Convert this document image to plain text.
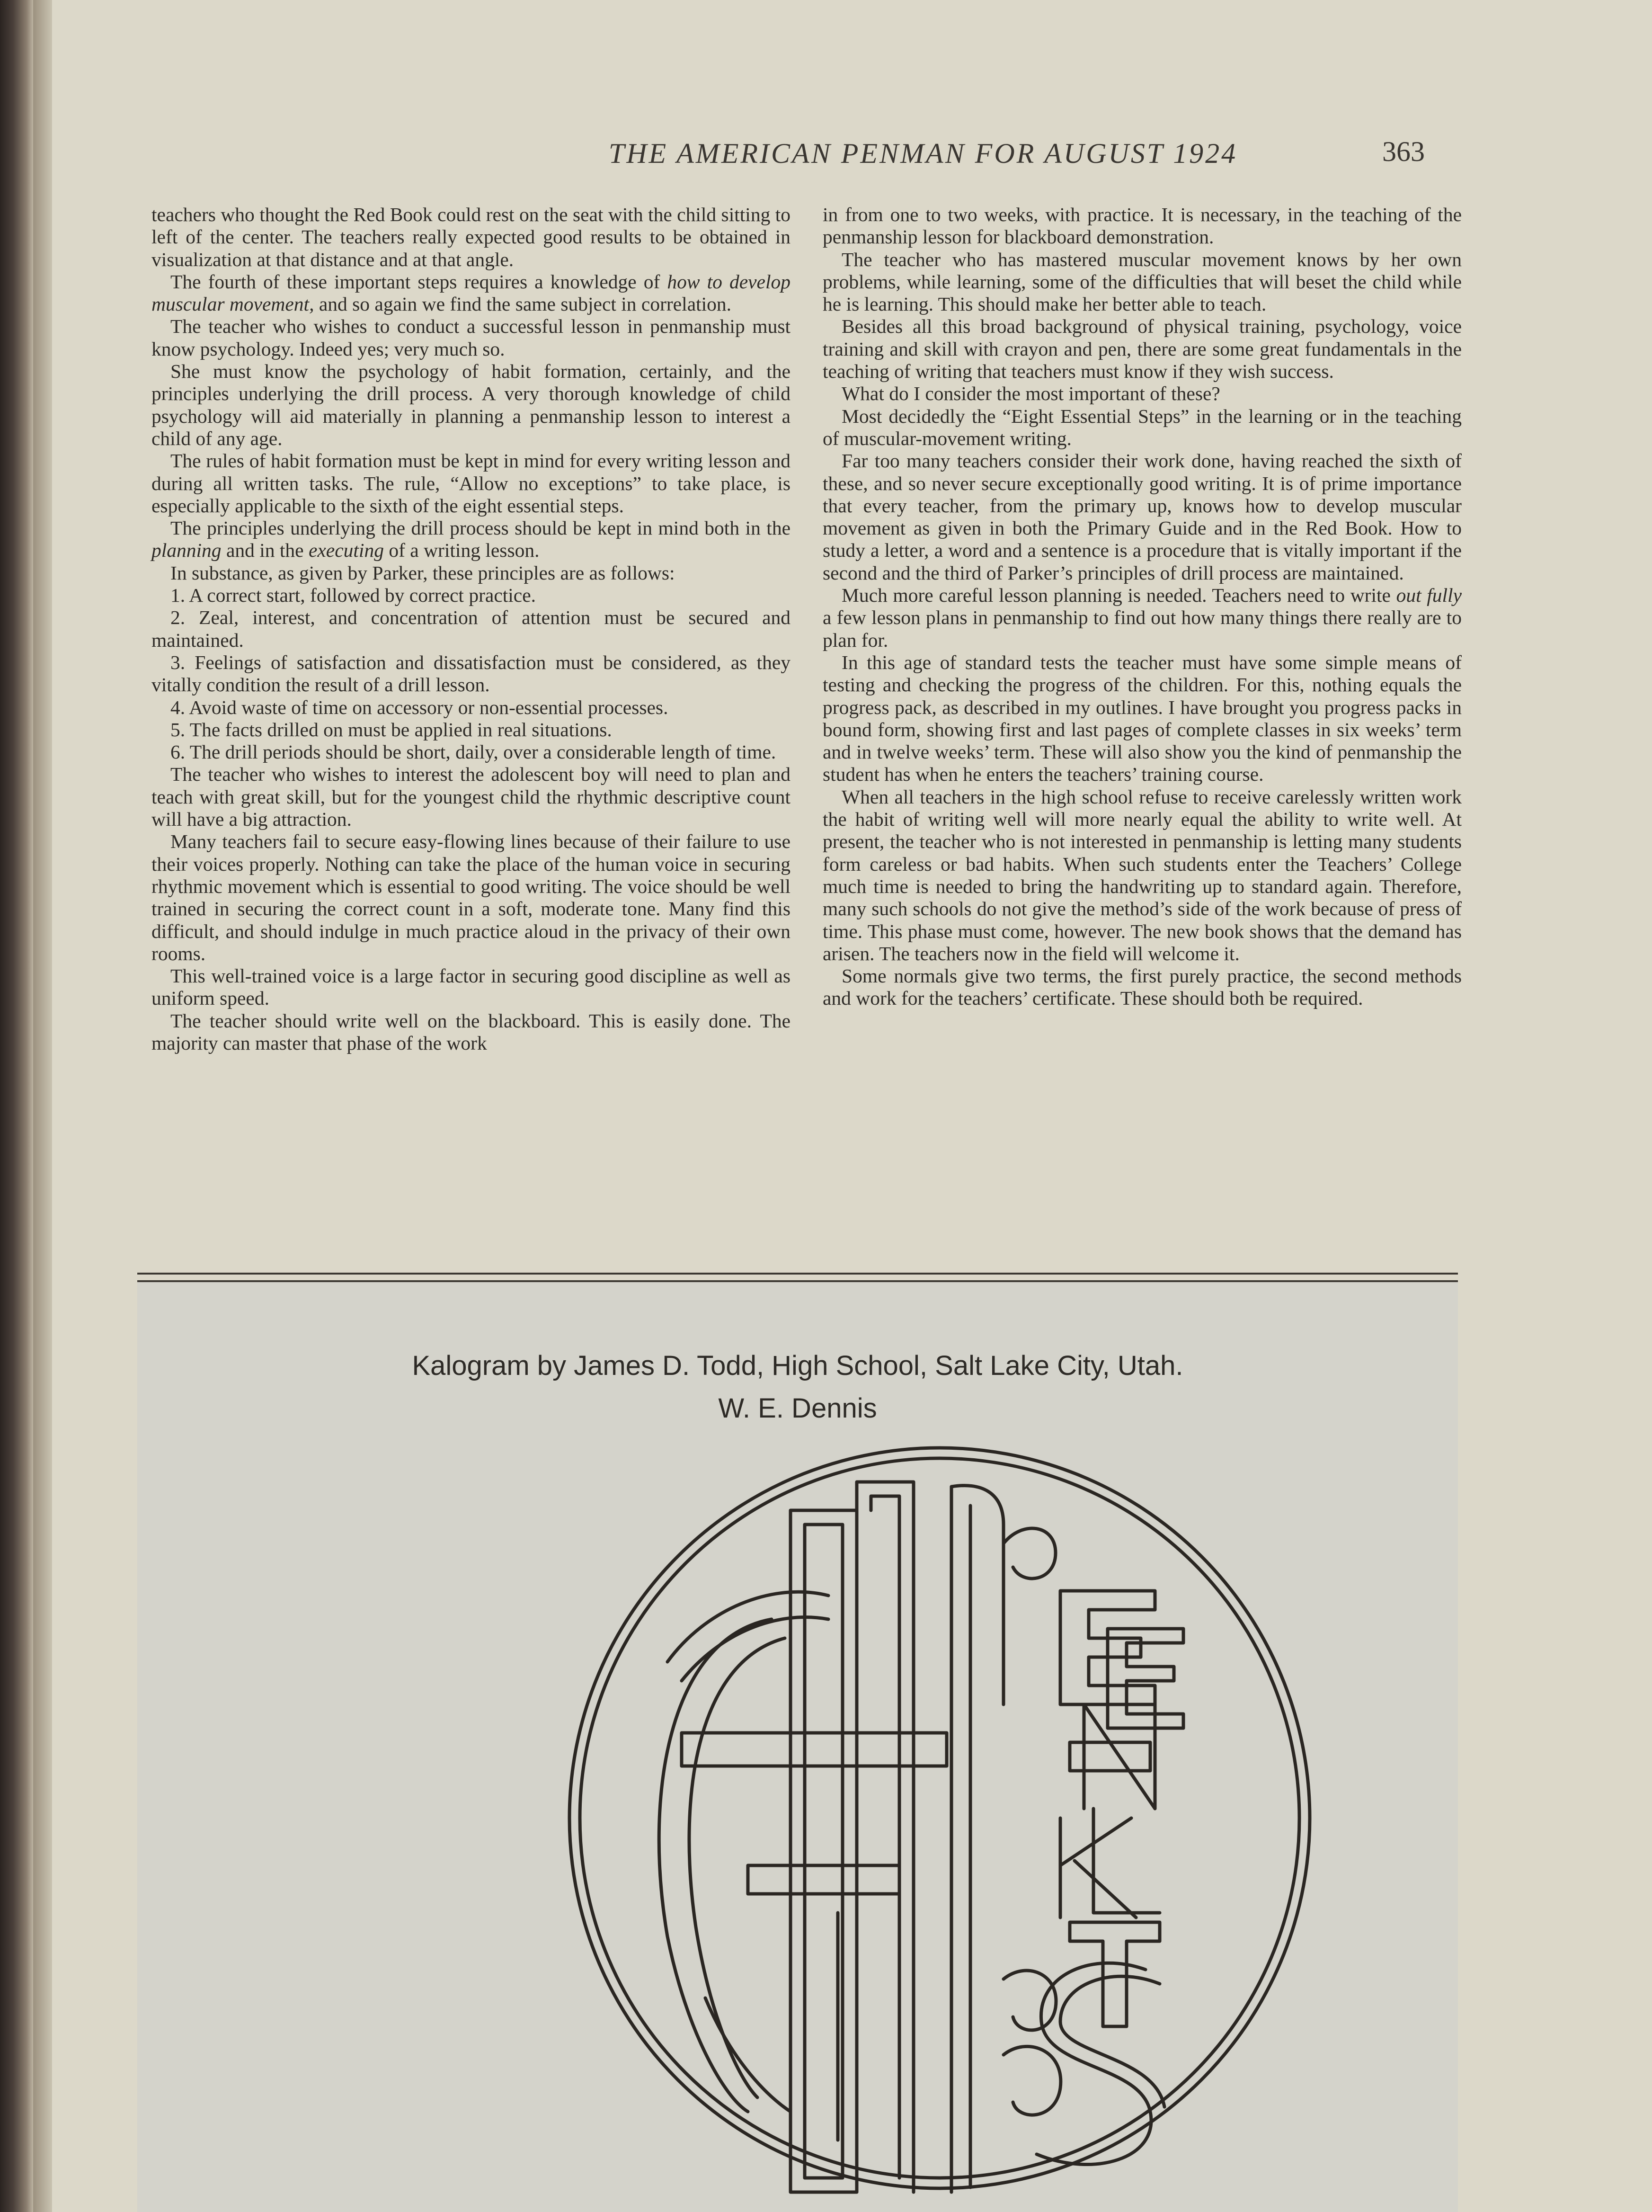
THE AMERICAN PENMAN FOR AUGUST 1924	363

teachers who thought the Red Book could rest on the seat with the child sitting to left of the center. The teachers really expected good results to be obtained in visualization at that distance and at that angle.

The fourth of these important steps requires a knowledge of how to develop muscular movement, and so again we find the same subject in correlation.

The teacher who wishes to conduct a successful lesson in penmanship must know psychology. Indeed yes; very much so.

She must know the psychology of habit formation, certainly, and the principles underlying the drill process. A very thorough knowledge of child psychology will aid materially in planning a penmanship lesson to interest a child of any age.

The rules of habit formation must be kept in mind for every writing lesson and during all written tasks. The rule, “Allow no exceptions” to take place, is especially applicable to the sixth of the eight essential steps.

The principles underlying the drill process should be kept in mind both in the planning and in the executing of a writing lesson.

In substance, as given by Parker, these principles are as follows:

1. A correct start, followed by correct practice.

2. Zeal, interest, and concentration of attention must be secured and maintained.

3. Feelings of satisfaction and dissatisfaction must be considered, as they vitally condition the result of a drill lesson.

4. Avoid waste of time on accessory or non-essential processes.

5. The facts drilled on must be applied in real situations.

6. The drill periods should be short, daily, over a considerable length of time.

The teacher who wishes to interest the adolescent boy will need to plan and teach with great skill, but for the youngest child the rhythmic descriptive count will have a big attraction.

Many teachers fail to secure easy-flowing lines because of their failure to use their voices properly. Nothing can take the place of the human voice in securing rhythmic movement which is essential to good writing. The voice should be well trained in securing the correct count in a soft, moderate tone. Many find this difficult, and should indulge in much practice aloud in the privacy of their own rooms.

This well-trained voice is a large factor in securing good discipline as well as uniform speed.

The teacher should write well on the blackboard. This is easily done. The majority can master that phase of the work

in from one to two weeks, with practice. It is necessary, in the teaching of the penmanship lesson for blackboard demonstration.

The teacher who has mastered muscular movement knows by her own problems, while learning, some of the difficulties that will beset the child while he is learning. This should make her better able to teach.

Besides all this broad background of physical training, psychology, voice training and skill with crayon and pen, there are some great fundamentals in the teaching of writing that teachers must know if they wish success.

What do I consider the most important of these?

Most decidedly the “Eight Essential Steps” in the learning or in the teaching of muscular-movement writing.

Far too many teachers consider their work done, having reached the sixth of these, and so never secure exceptionally good writing. It is of prime importance that every teacher, from the primary up, knows how to develop muscular movement as given in both the Primary Guide and in the Red Book. How to study a letter, a word and a sentence is a procedure that is vitally important if the second and the third of Parker’s principles of drill process are maintained.

Much more careful lesson planning is needed. Teachers need to write out fully a few lesson plans in penmanship to find out how many things there really are to plan for.

In this age of standard tests the teacher must have some simple means of testing and checking the progress of the children. For this, nothing equals the progress pack, as described in my outlines. I have brought you progress packs in bound form, showing first and last pages of complete classes in six weeks’ term and in twelve weeks’ term. These will also show you the kind of penmanship the student has when he enters the teachers’ training course.

When all teachers in the high school refuse to receive carelessly written work the habit of writing well will more nearly equal the ability to write well. At present, the teacher who is not interested in penmanship is letting many students form careless or bad habits. When such students enter the Teachers’ College much time is needed to bring the handwriting up to standard again. Therefore, many such schools do not give the method’s side of the work because of press of time. This phase must come, however. The new book shows that the demand has arisen. The teachers now in the field will welcome it.

Some normals give two terms, the first purely practice, the second methods and work for the teachers’ certificate. These should both be required.

Kalogram by James D. Todd, High School, Salt Lake City, Utah.
W. E. Dennis
